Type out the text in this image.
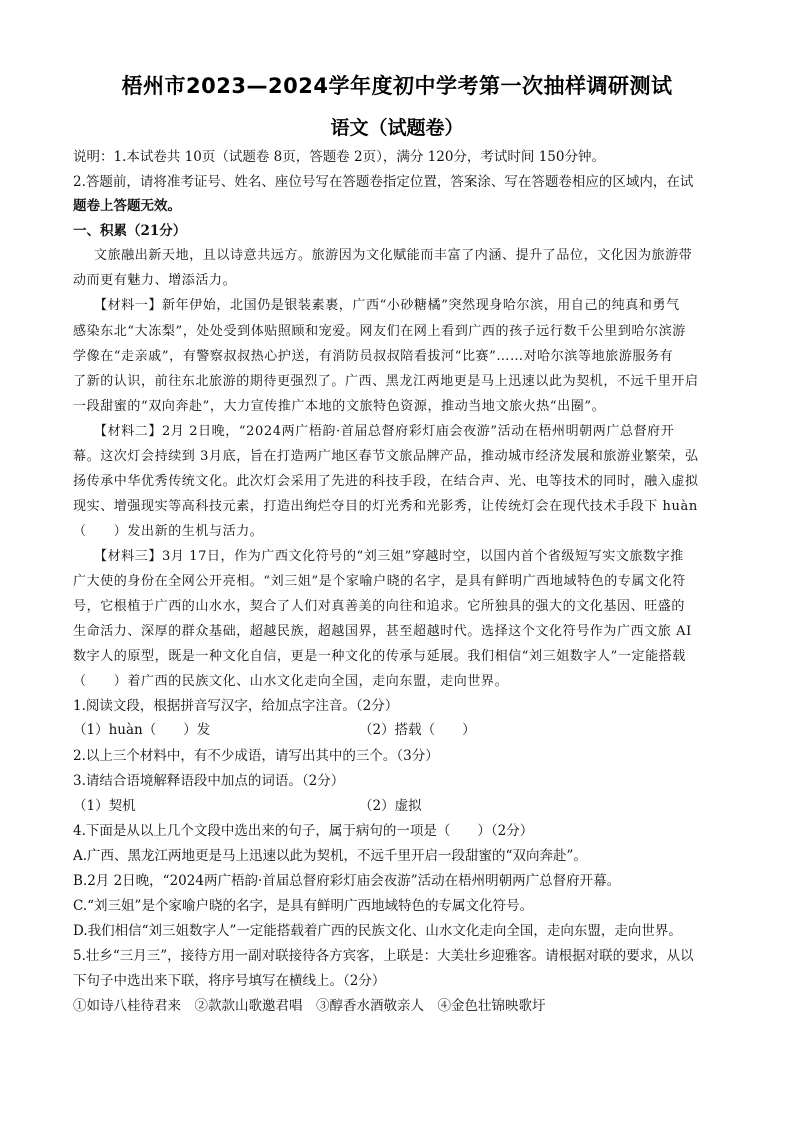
梧州市2023—2024学年度初中学考第一次抽样调研测试
语文（试题卷）
说明：1.本试卷共 10页（试题卷 8页，答题卷 2页），满分 120分，考试时间 150分钟。
2.答题前，请将准考证号、姓名、座位号写在答题卷指定位置，答案涂、写在答题卷相应的区域内，在试
题卷上答题无效。
一、积累（21分）
文旅融出新天地，且以诗意共远方。旅游因为文化赋能而丰富了内涵、提升了品位，文化因为旅游带
动而更有魅力、增添活力。
【材料一】新年伊始，北国仍是银装素裹，广西“小砂糖橘”突然现身哈尔滨，用自己的纯真和勇气
感染东北“大冻梨”，处处受到体贴照顾和宠爱。网友们在网上看到广西的孩子远行数千公里到哈尔滨游
学像在“走亲戚”，有警察叔叔热心护送，有消防员叔叔陪看拔河“比赛”……对哈尔滨等地旅游服务有
了新的认识，前往东北旅游的期待更强烈了。广西、黑龙江两地更是马上迅速以此为契机，不远千里开启
一段甜蜜的“双向奔赴”，大力宣传推广本地的文旅特色资源，推动当地文旅火热“出圈”。
【材料二】2月 2日晚，“2024两广梧韵·首届总督府彩灯庙会夜游”活动在梧州明朝两广总督府开
幕。这次灯会持续到 3月底，旨在打造两广地区春节文旅品牌产品，推动城市经济发展和旅游业繁荣，弘
扬传承中华优秀传统文化。此次灯会采用了先进的科技手段，在结合声、光、电等技术的同时，融入虚拟
现实、增强现实等高科技元素，打造出绚烂夺目的灯光秀和光影秀，让传统灯会在现代技术手段下 huàn
（　　）发出新的生机与活力。
【材料三】3月 17日，作为广西文化符号的“刘三姐”穿越时空，以国内首个省级短写实文旅数字推
广大使的身份在全网公开亮相。“刘三姐”是个家喻户晓的名字，是具有鲜明广西地域特色的专属文化符
号，它根植于广西的山水水，契合了人们对真善美的向往和追求。它所独具的强大的文化基因、旺盛的
生命活力、深厚的群众基础，超越民族，超越国界，甚至超越时代。选择这个文化符号作为广西文旅 AI
数字人的原型，既是一种文化自信，更是一种文化的传承与延展。我们相信“刘三姐数字人”一定能搭载
（　　）着广西的民族文化、山水文化走向全国，走向东盟，走向世界。
1.阅读文段，根据拼音写汉字，给加点字注音。（2分）
（1）huàn（　　）发	（2）搭载（　　）
2.以上三个材料中，有不少成语，请写出其中的三个。（3分）
3.请结合语境解释语段中加点的词语。（2分）
（1）契机	（2）虚拟
4.下面是从以上几个文段中选出来的句子，属于病句的一项是（　　）（2分）
A.广西、黑龙江两地更是马上迅速以此为契机，不远千里开启一段甜蜜的“双向奔赴”。
B.2月 2日晚，“2024两广梧韵·首届总督府彩灯庙会夜游”活动在梧州明朝两广总督府开幕。
C.“刘三姐”是个家喻户晓的名字，是具有鲜明广西地域特色的专属文化符号。
D.我们相信“刘三姐数字人”一定能搭载着广西的民族文化、山水文化走向全国，走向东盟，走向世界。
5.壮乡“三月三”，接待方用一副对联接待各方宾客，上联是：大美壮乡迎雅客。请根据对联的要求，从以
下句子中选出来下联，将序号填写在横线上。（2分）
①如诗八桂待君来　②款款山歌邀君唱　③醇香水酒敬亲人　④金色壮锦映歌圩
